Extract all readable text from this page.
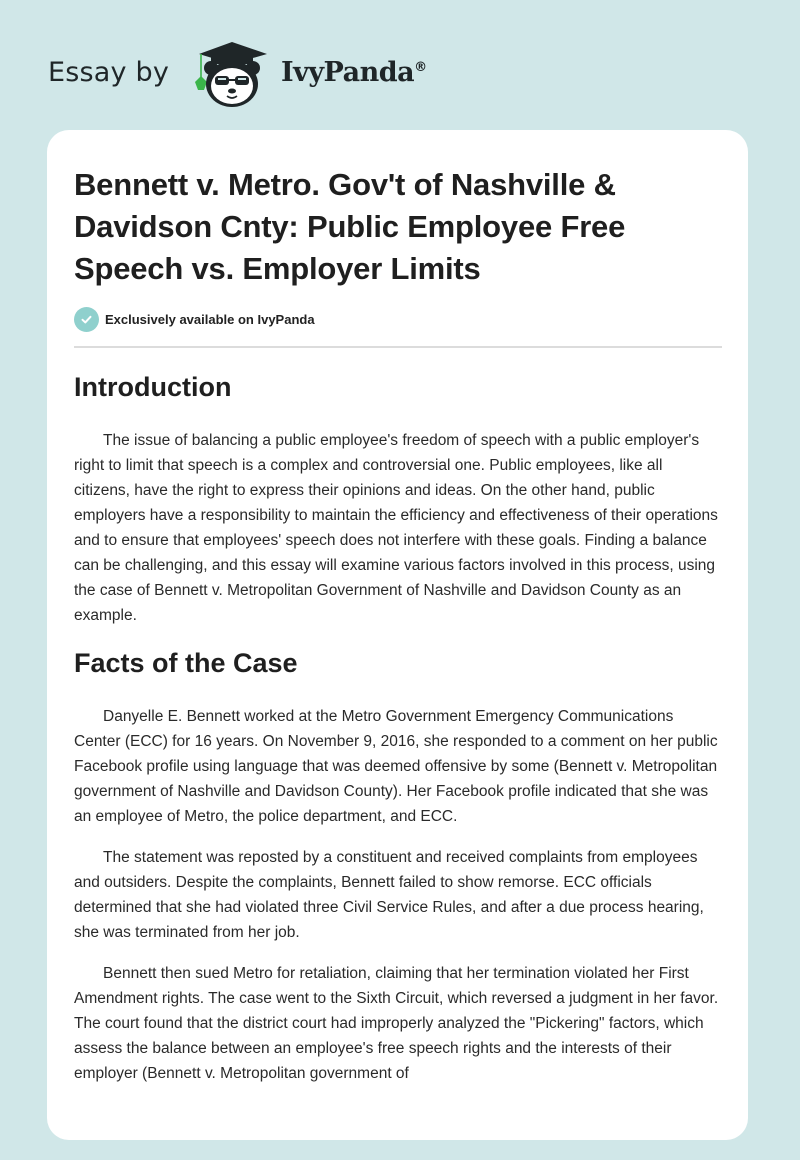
Essay by	IvyPanda®
Bennett v. Metro. Gov't of Nashville & Davidson Cnty: Public Employee Free Speech vs. Employer Limits
Exclusively available on IvyPanda
Introduction

The issue of balancing a public employee's freedom of speech with a public employer's right to limit that speech is a complex and controversial one. Public employees, like all citizens, have the right to express their opinions and ideas. On the other hand, public employers have a responsibility to maintain the efficiency and effectiveness of their operations and to ensure that employees' speech does not interfere with these goals. Finding a balance can be challenging, and this essay will examine various factors involved in this process, using the case of Bennett v. Metropolitan Government of Nashville and Davidson County as an example.

Facts of the Case

Danyelle E. Bennett worked at the Metro Government Emergency Communications Center (ECC) for 16 years. On November 9, 2016, she responded to a comment on her public Facebook profile using language that was deemed offensive by some (Bennett v. Metropolitan government of Nashville and Davidson County). Her Facebook profile indicated that she was an employee of Metro, the police department, and ECC.

The statement was reposted by a constituent and received complaints from employees and outsiders. Despite the complaints, Bennett failed to show remorse. ECC officials determined that she had violated three Civil Service Rules, and after a due process hearing, she was terminated from her job.

Bennett then sued Metro for retaliation, claiming that her termination violated her First Amendment rights. The case went to the Sixth Circuit, which reversed a judgment in her favor. The court found that the district court had improperly analyzed the "Pickering" factors, which assess the balance between an employee's free speech rights and the interests of their employer (Bennett v. Metropolitan government of
